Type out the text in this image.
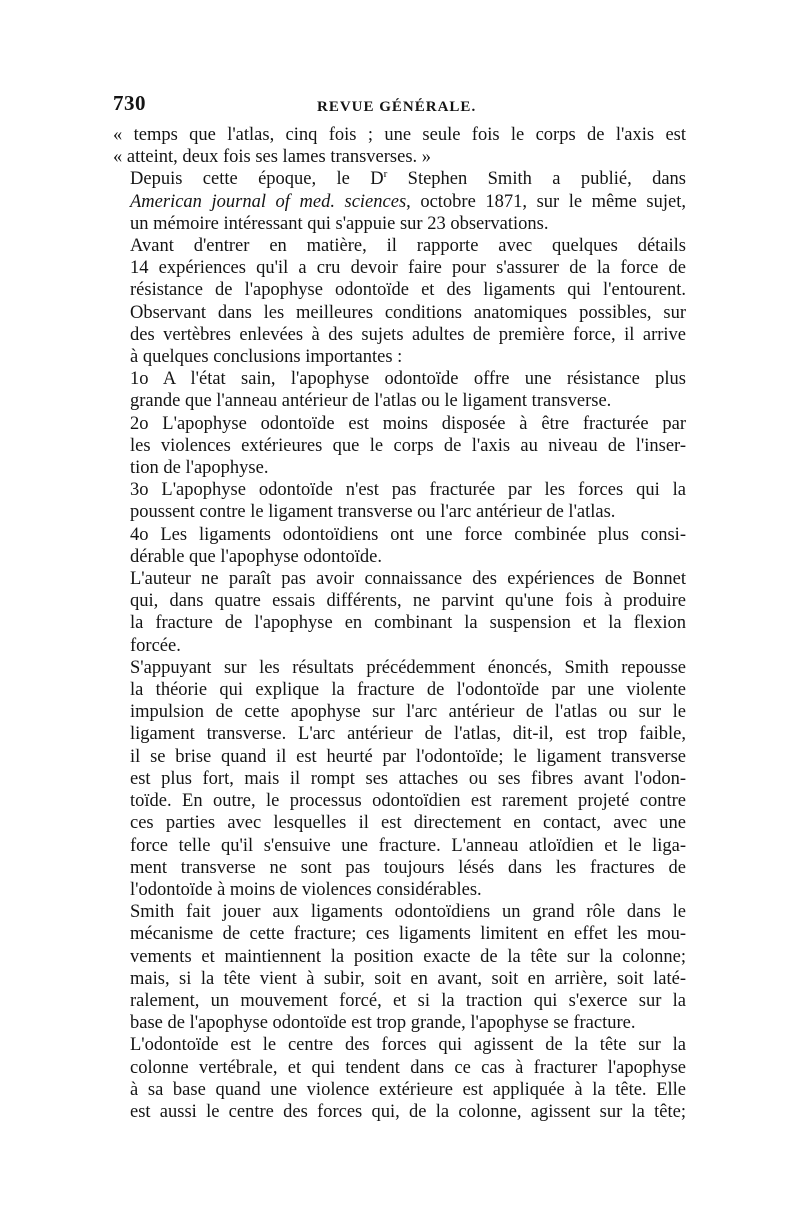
730	REVUE GÉNÉRALE.

« temps que l'atlas, cinq fois ; une seule fois le corps de l'axis est
« atteint, deux fois ses lames transverses. »

Depuis cette époque, le $D^r$ Stephen Smith a publié, dans
American journal of med. sciences, octobre 1871, sur le même sujet,
un mémoire intéressant qui s'appuie sur 23 observations.

Avant d'entrer en matière, il rapporte avec quelques détails
14 expériences qu'il a cru devoir faire pour s'assurer de la force de
résistance de l'apophyse odontoïde et des ligaments qui l'entourent.
Observant dans les meilleures conditions anatomiques possibles, sur
des vertèbres enlevées à des sujets adultes de première force, il arrive
à quelques conclusions importantes :

1o A l'état sain, l'apophyse odontoïde offre une résistance plus
grande que l'anneau antérieur de l'atlas ou le ligament transverse.

2o L'apophyse odontoïde est moins disposée à être fracturée par
les violences extérieures que le corps de l'axis au niveau de l'inser-
tion de l'apophyse.

3o L'apophyse odontoïde n'est pas fracturée par les forces qui la
poussent contre le ligament transverse ou l'arc antérieur de l'atlas.

4o Les ligaments odontoïdiens ont une force combinée plus consi-
dérable que l'apophyse odontoïde.

L'auteur ne paraît pas avoir connaissance des expériences de Bonnet
qui, dans quatre essais différents, ne parvint qu'une fois à produire
la fracture de l'apophyse en combinant la suspension et la flexion
forcée.

S'appuyant sur les résultats précédemment énoncés, Smith repousse
la théorie qui explique la fracture de l'odontoïde par une violente
impulsion de cette apophyse sur l'arc antérieur de l'atlas ou sur le
ligament transverse. L'arc antérieur de l'atlas, dit-il, est trop faible,
il se brise quand il est heurté par l'odontoïde; le ligament transverse
est plus fort, mais il rompt ses attaches ou ses fibres avant l'odon-
toïde. En outre, le processus odontoïdien est rarement projeté contre
ces parties avec lesquelles il est directement en contact, avec une
force telle qu'il s'ensuive une fracture. L'anneau atloïdien et le liga-
ment transverse ne sont pas toujours lésés dans les fractures de
l'odontoïde à moins de violences considérables.

Smith fait jouer aux ligaments odontoïdiens un grand rôle dans le
mécanisme de cette fracture; ces ligaments limitent en effet les mou-
vements et maintiennent la position exacte de la tête sur la colonne;
mais, si la tête vient à subir, soit en avant, soit en arrière, soit laté-
ralement, un mouvement forcé, et si la traction qui s'exerce sur la
base de l'apophyse odontoïde est trop grande, l'apophyse se fracture.

L'odontoïde est le centre des forces qui agissent de la tête sur la
colonne vertébrale, et qui tendent dans ce cas à fracturer l'apophyse
à sa base quand une violence extérieure est appliquée à la tête. Elle
est aussi le centre des forces qui, de la colonne, agissent sur la tête;
